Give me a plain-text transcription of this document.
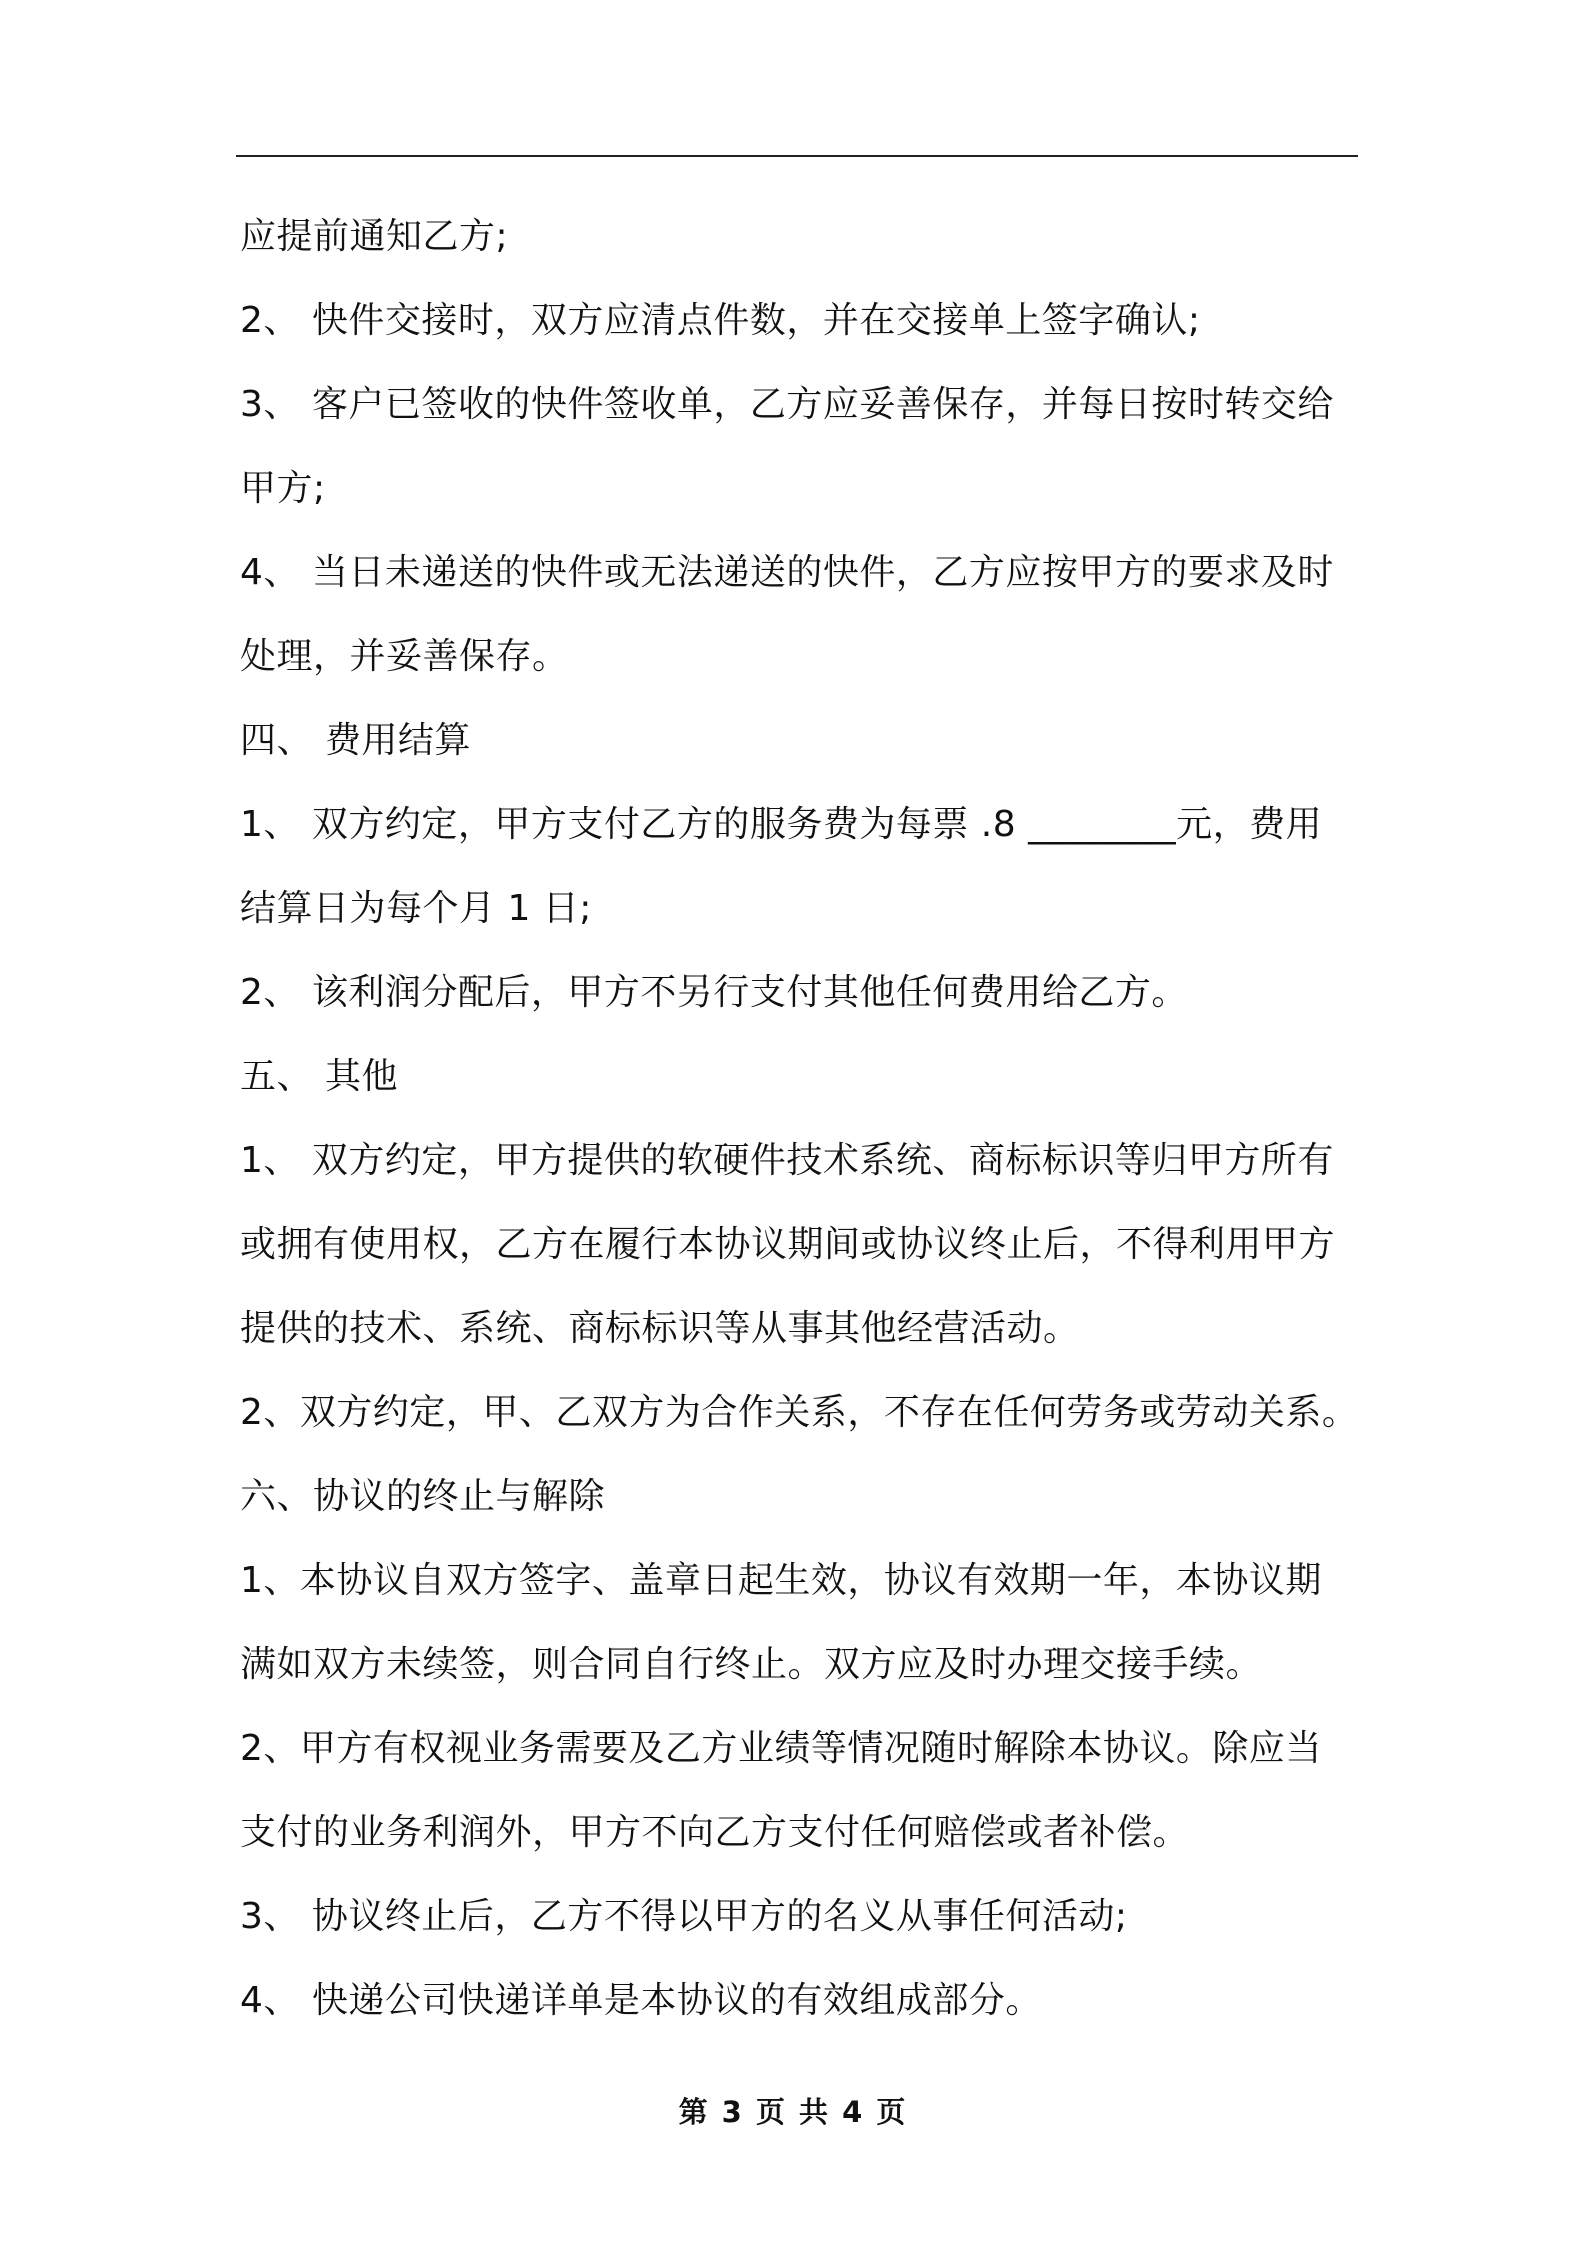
应提前通知乙方;
2、 快件交接时，双方应清点件数，并在交接单上签字确认;
3、 客户已签收的快件签收单，乙方应妥善保存，并每日按时转交给
甲方;
4、 当日未递送的快件或无法递送的快件，乙方应按甲方的要求及时
处理，并妥善保存。
四、 费用结算
1、 双方约定，甲方支付乙方的服务费为每票 .8 ________元，费用
结算日为每个月 1 日;
2、 该利润分配后，甲方不另行支付其他任何费用给乙方。
五、 其他
1、 双方约定，甲方提供的软硬件技术系统、商标标识等归甲方所有
或拥有使用权，乙方在履行本协议期间或协议终止后，不得利用甲方
提供的技术、系统、商标标识等从事其他经营活动。
2、双方约定，甲、乙双方为合作关系，不存在任何劳务或劳动关系。
六、协议的终止与解除
1、本协议自双方签字、盖章日起生效，协议有效期一年，本协议期
满如双方未续签，则合同自行终止。双方应及时办理交接手续。
2、甲方有权视业务需要及乙方业绩等情况随时解除本协议。除应当
支付的业务利润外，甲方不向乙方支付任何赔偿或者补偿。
3、 协议终止后，乙方不得以甲方的名义从事任何活动;
4、 快递公司快递详单是本协议的有效组成部分。
第 3 页 共 4 页
